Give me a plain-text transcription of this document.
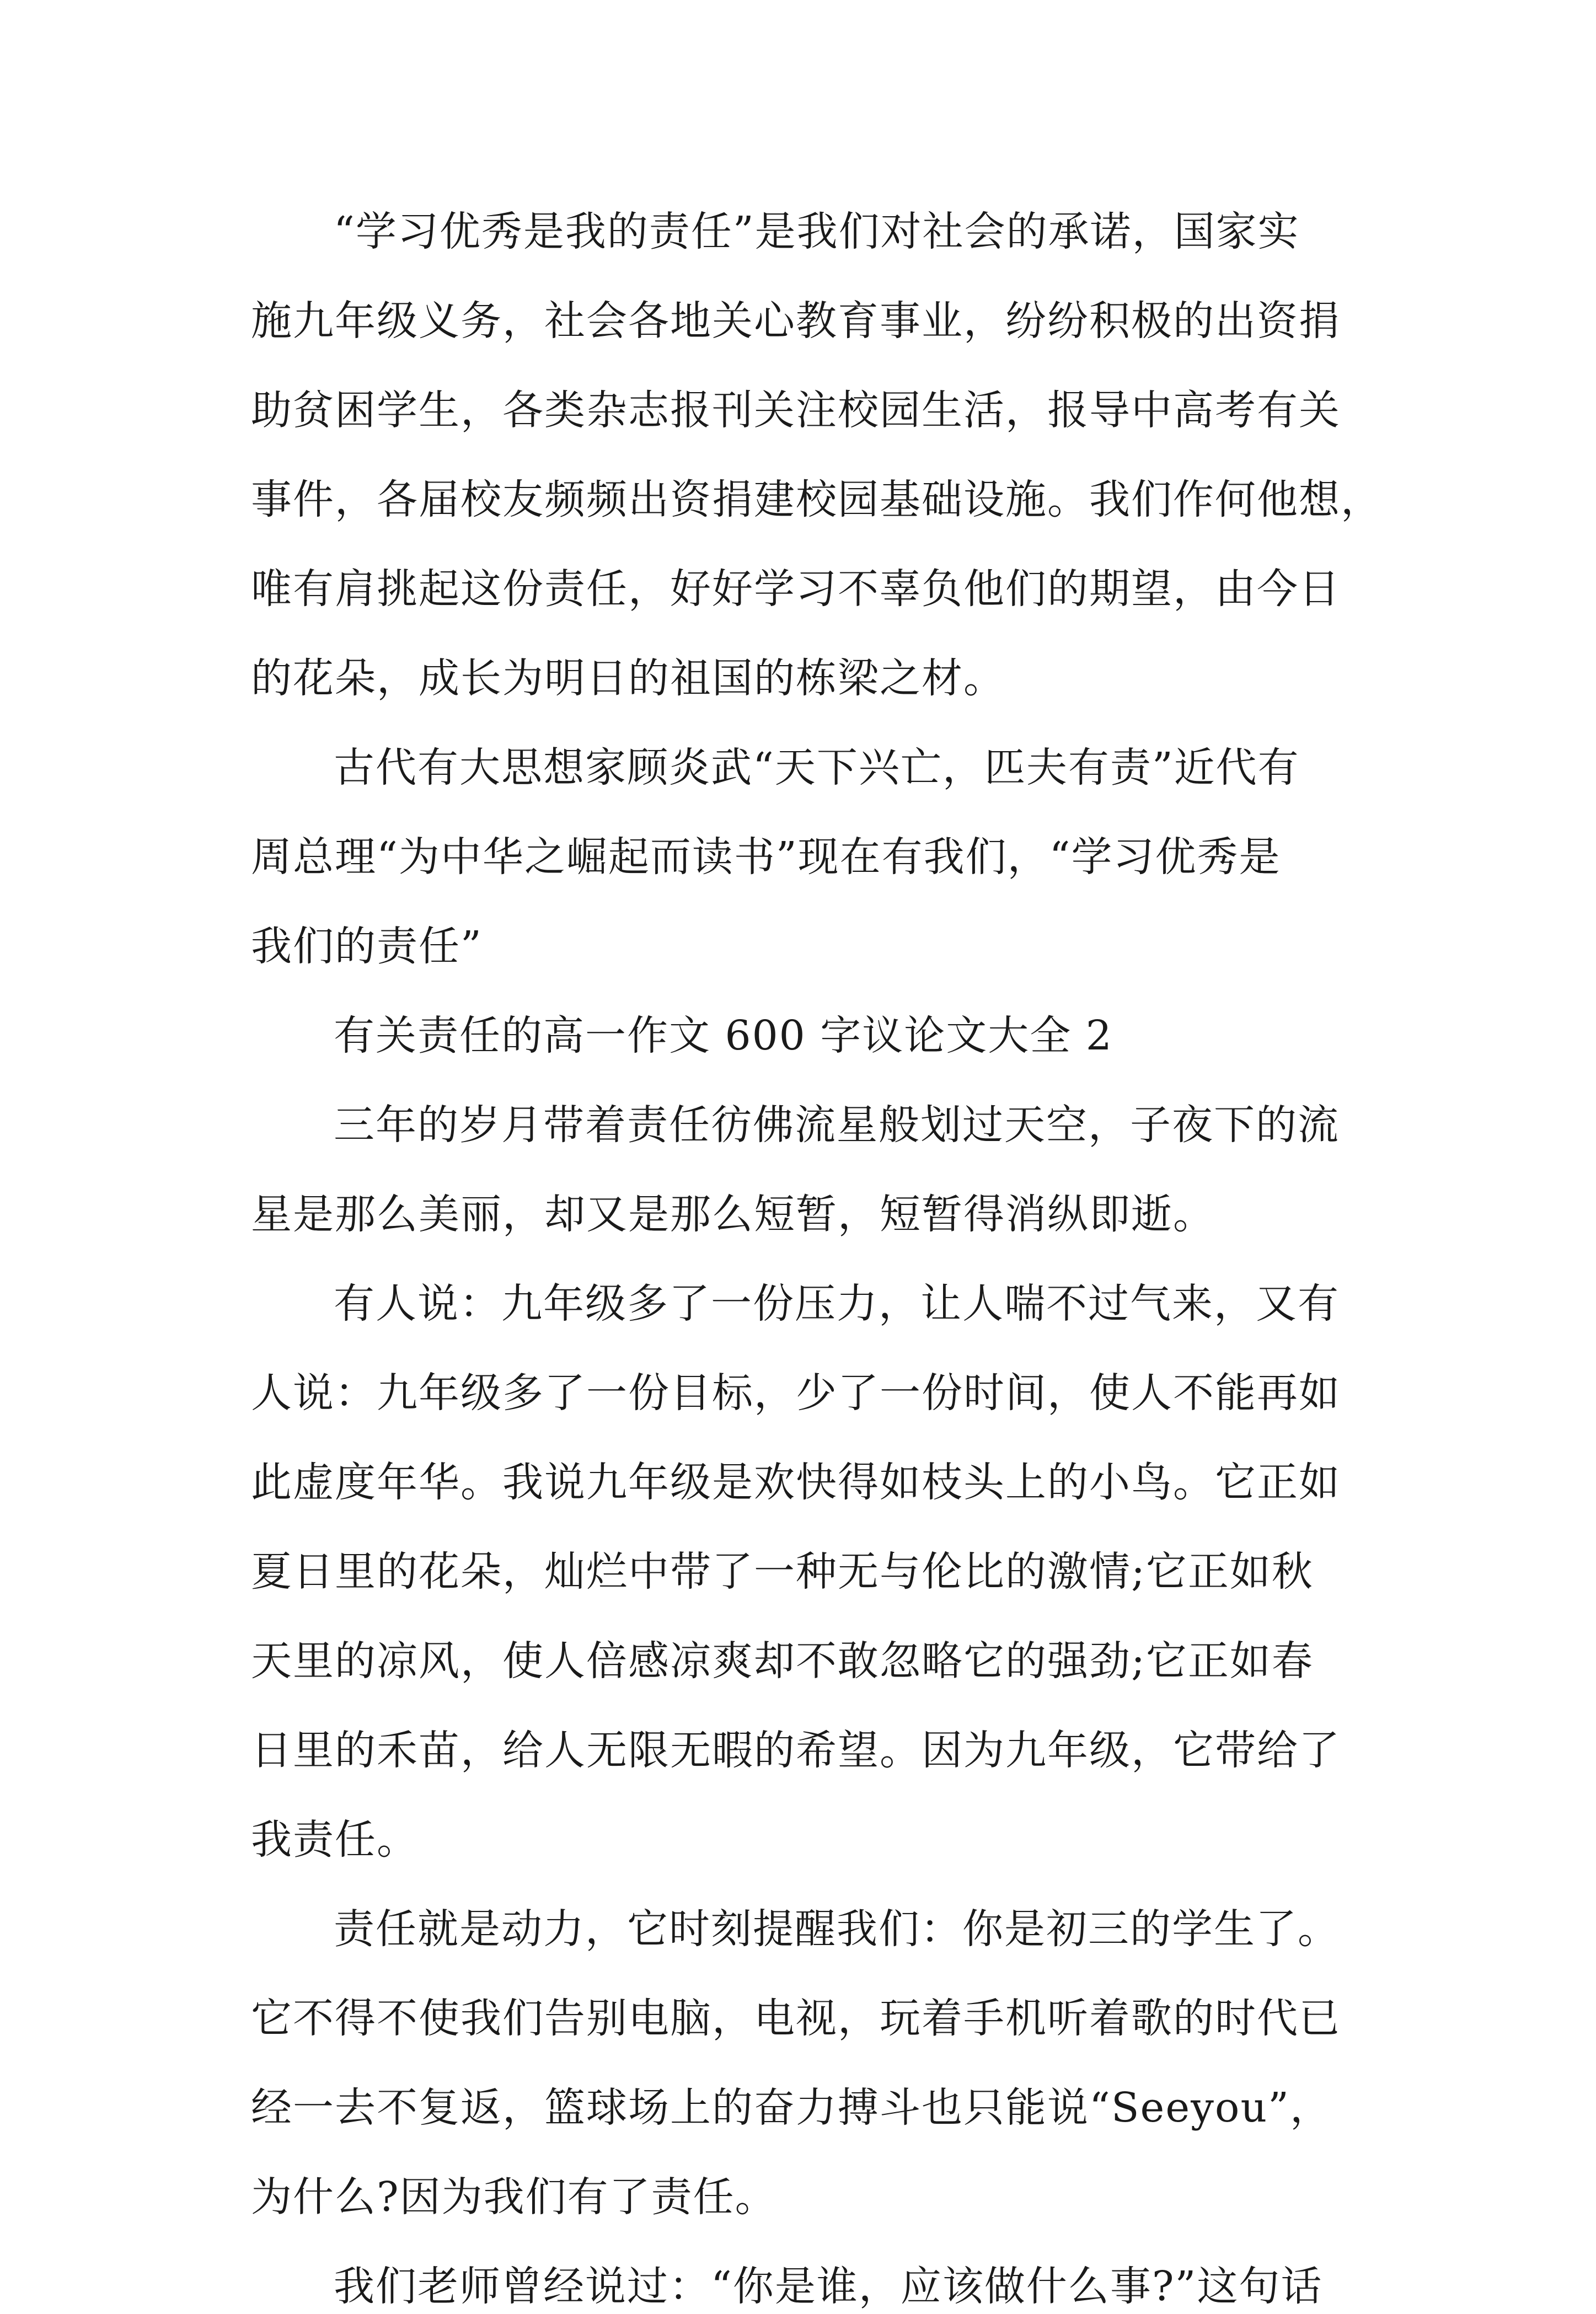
“学习优秀是我的责任”是我们对社会的承诺，国家实
施九年级义务，社会各地关心教育事业，纷纷积极的出资捐
助贫困学生，各类杂志报刊关注校园生活，报导中高考有关
事件，各届校友频频出资捐建校园基础设施。我们作何他想，
唯有肩挑起这份责任，好好学习不辜负他们的期望，由今日
的花朵，成长为明日的祖国的栋梁之材。
古代有大思想家顾炎武“天下兴亡，匹夫有责”近代有
周总理“为中华之崛起而读书”现在有我们，“学习优秀是
我们的责任”
有关责任的高一作文 600 字议论文大全 2
三年的岁月带着责任彷佛流星般划过天空，子夜下的流
星是那么美丽，却又是那么短暂，短暂得消纵即逝。
有人说：九年级多了一份压力，让人喘不过气来，又有
人说：九年级多了一份目标，少了一份时间，使人不能再如
此虚度年华。我说九年级是欢快得如枝头上的小鸟。它正如
夏日里的花朵，灿烂中带了一种无与伦比的激情;它正如秋
天里的凉风，使人倍感凉爽却不敢忽略它的强劲;它正如春
日里的禾苗，给人无限无暇的希望。因为九年级，它带给了
我责任。
责任就是动力，它时刻提醒我们：你是初三的学生了。
它不得不使我们告别电脑，电视，玩着手机听着歌的时代已
经一去不复返，篮球场上的奋力搏斗也只能说“Seeyou”，
为什么?因为我们有了责任。
我们老师曾经说过：“你是谁，应该做什么事?”这句话
